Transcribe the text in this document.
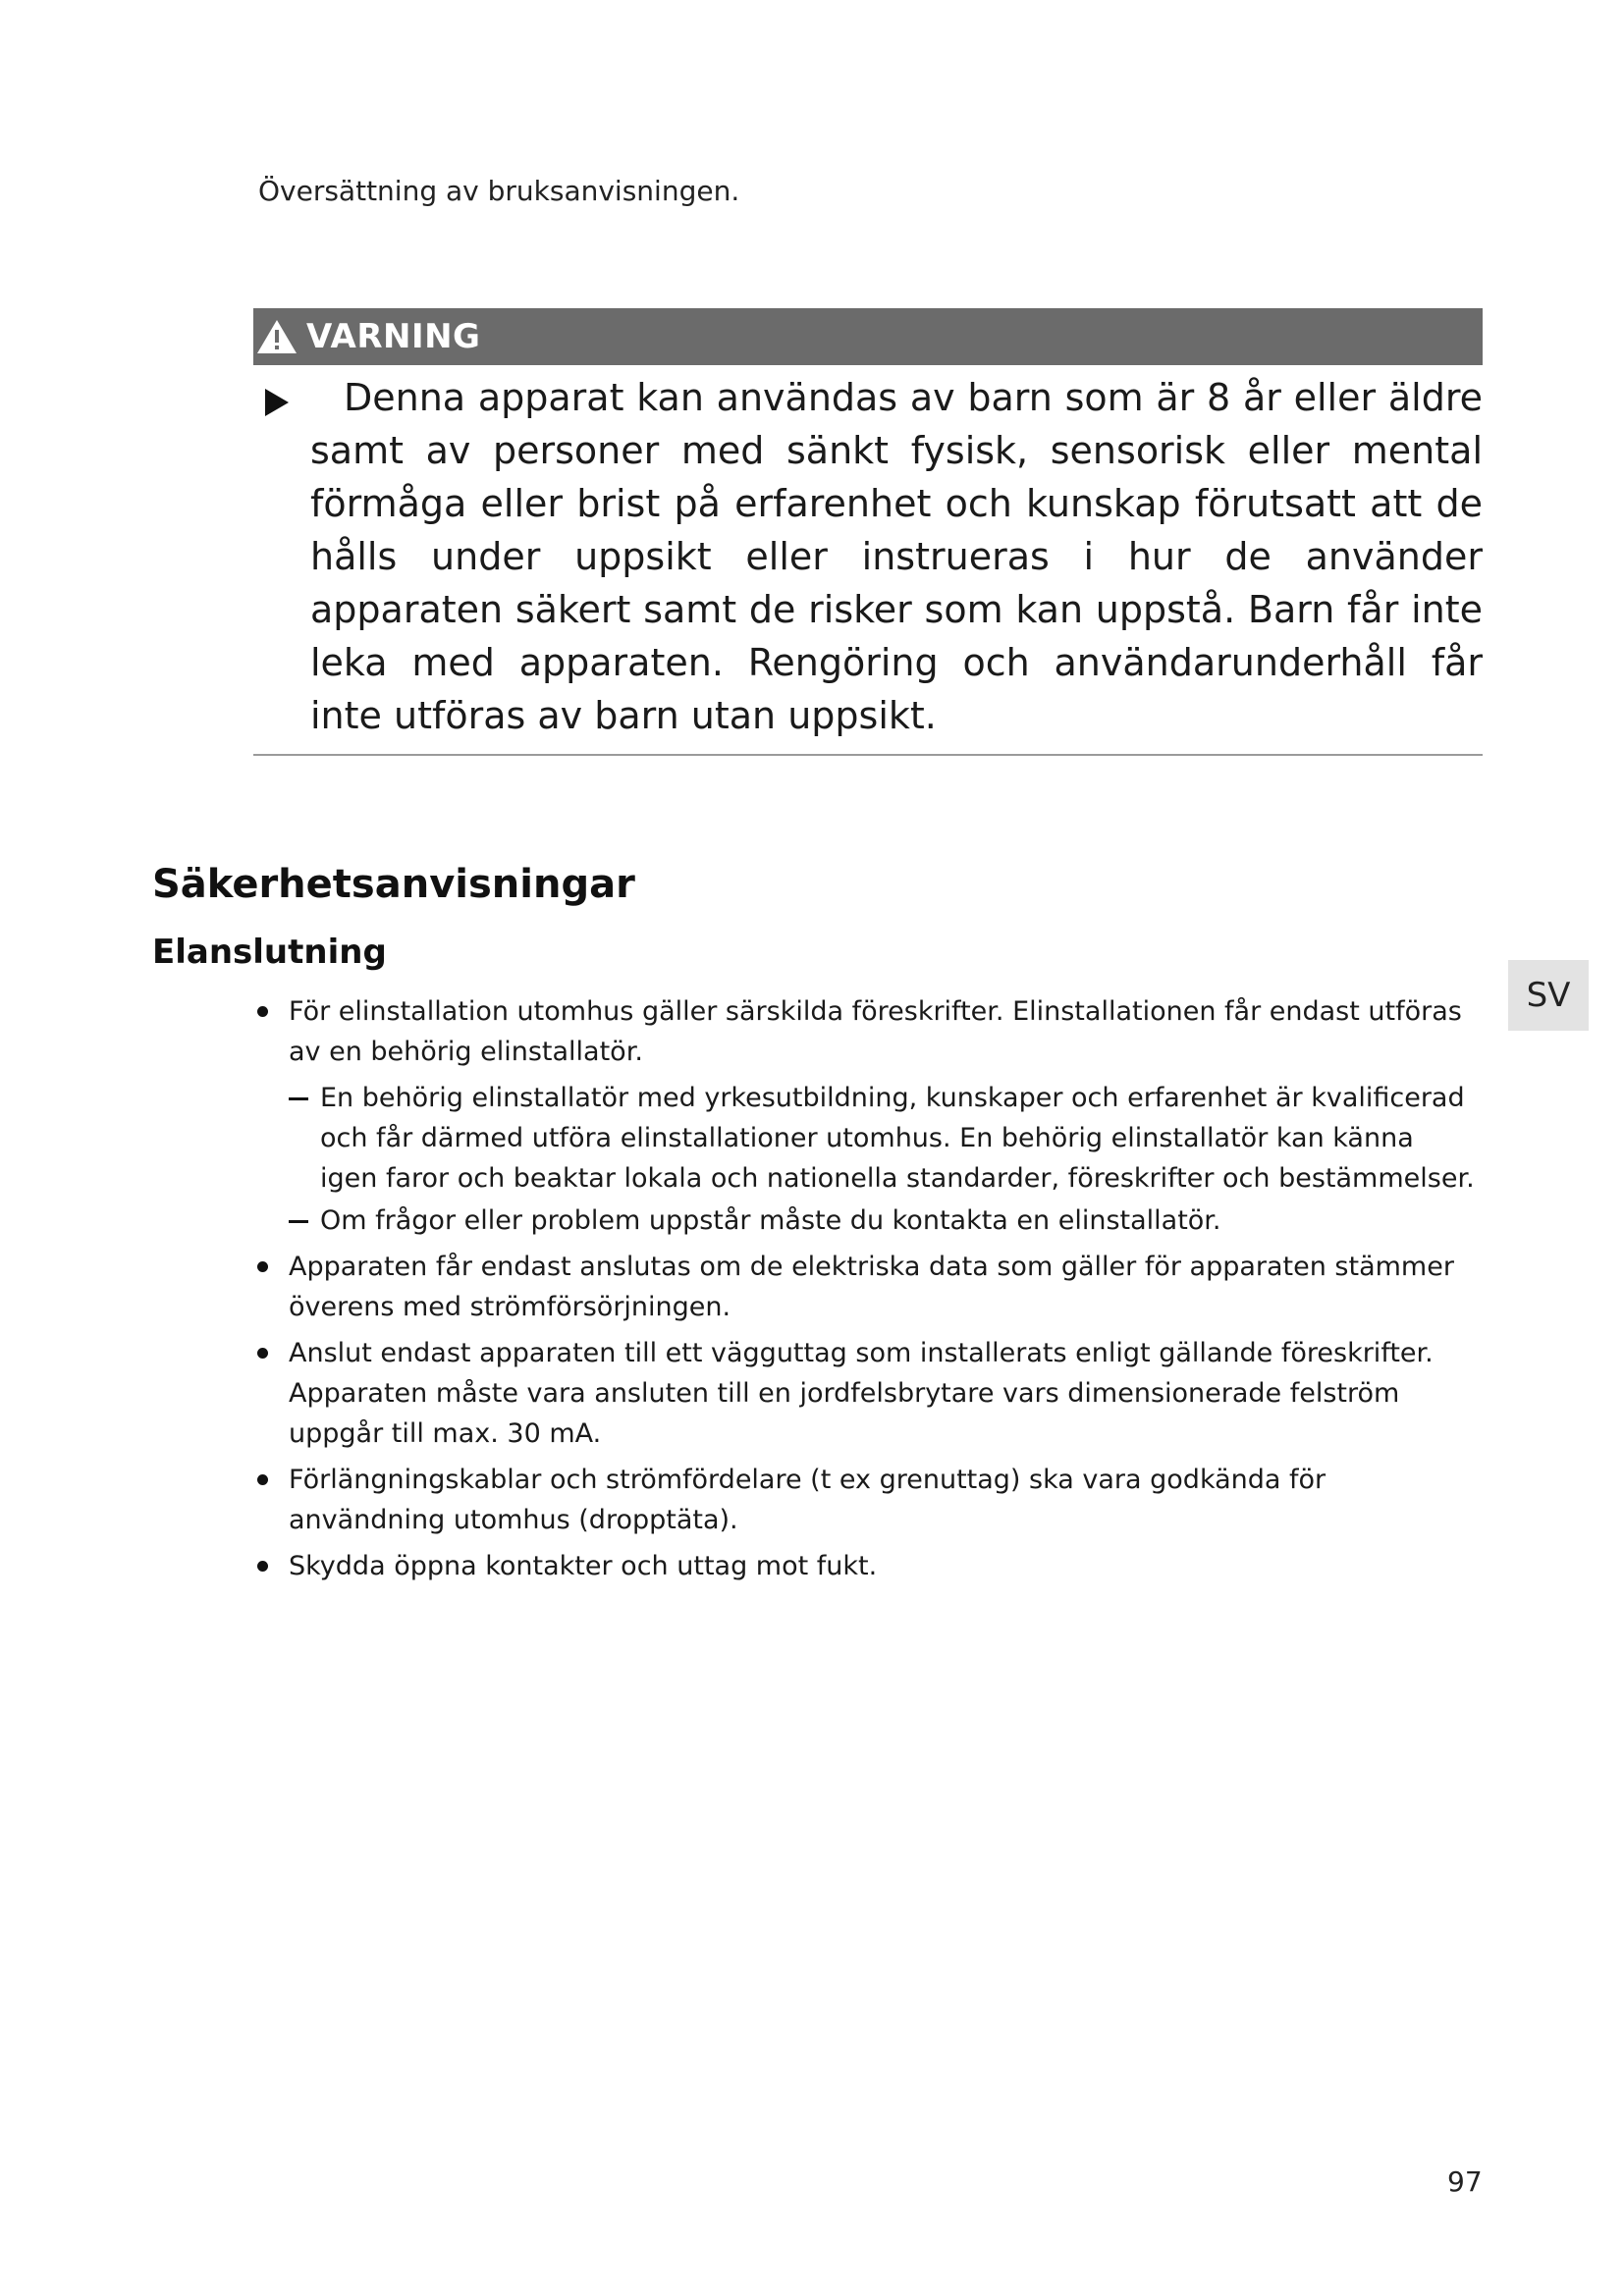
Översättning av bruksanvisningen.
VARNING

Denna apparat kan användas av barn som är 8 år eller äldre samt av personer med sänkt fysisk, sensorisk eller mental förmåga eller brist på erfarenhet och kunskap förutsatt att de hålls under uppsikt eller instrueras i hur de använder apparaten säkert samt de risker som kan uppstå. Barn får inte leka med apparaten. Rengöring och användarunderhåll får inte utföras av barn utan uppsikt.

Säkerhetsanvisningar
Elanslutning
SV
För elinstallation utomhus gäller särskilda föreskrifter. Elinstallationen får endast utföras av en behörig elinstallatör.
En behörig elinstallatör med yrkesutbildning, kunskaper och erfarenhet är kvalificerad och får därmed utföra elinstallationer utomhus. En behörig elinstallatör kan känna igen faror och beaktar lokala och nationella standarder, föreskrifter och bestämmelser.
Om frågor eller problem uppstår måste du kontakta en elinstallatör.
Apparaten får endast anslutas om de elektriska data som gäller för apparaten stämmer överens med strömförsörjningen.
Anslut endast apparaten till ett vägguttag som installerats enligt gällande föreskrifter. Apparaten måste vara ansluten till en jordfelsbrytare vars dimensionerade felström uppgår till max. 30 mA.
Förlängningskablar och strömfördelare (t ex grenuttag) ska vara godkända för användning utomhus (dropptäta).
Skydda öppna kontakter och uttag mot fukt.
97
